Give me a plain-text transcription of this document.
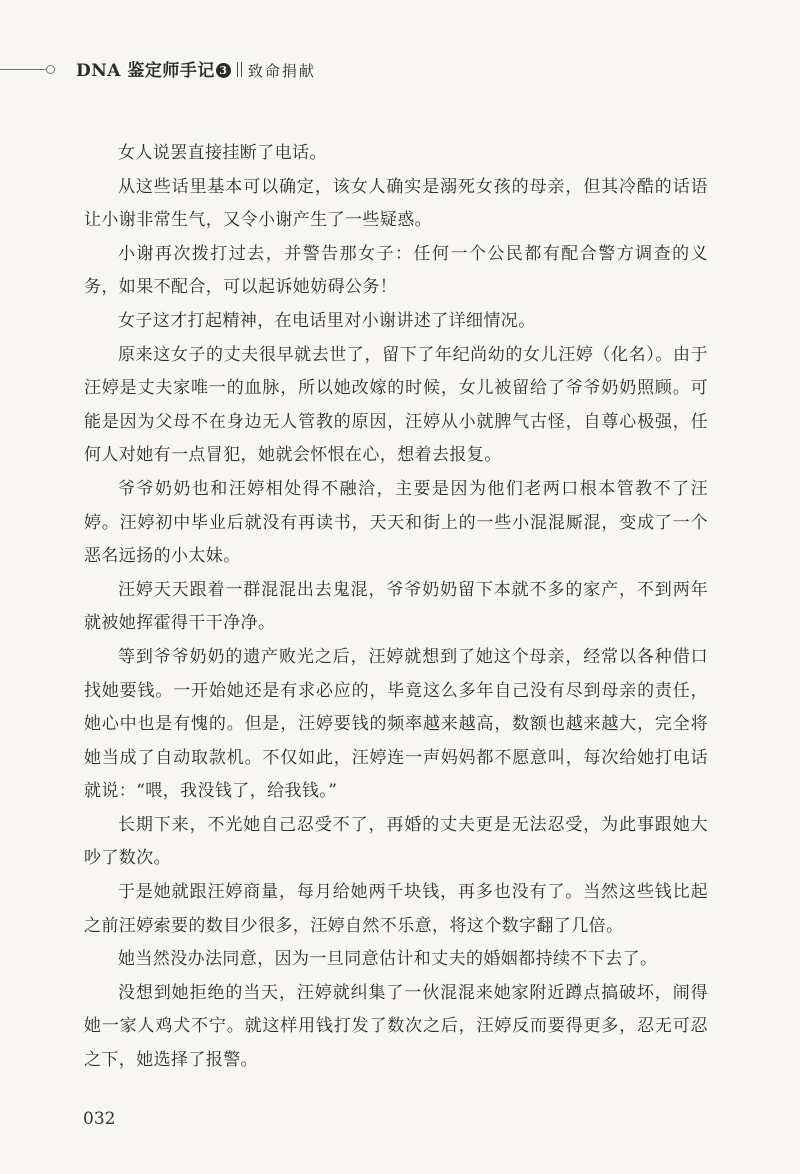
DNA 鉴定师手记 3 致命捐献

女人说罢直接挂断了电话。

从这些话里基本可以确定，该女人确实是溺死女孩的母亲，但其冷酷的话语让小谢非常生气，又令小谢产生了一些疑惑。

小谢再次拨打过去，并警告那女子：任何一个公民都有配合警方调查的义务，如果不配合，可以起诉她妨碍公务！

女子这才打起精神，在电话里对小谢讲述了详细情况。

原来这女子的丈夫很早就去世了，留下了年纪尚幼的女儿汪婷（化名）。由于汪婷是丈夫家唯一的血脉，所以她改嫁的时候，女儿被留给了爷爷奶奶照顾。可能是因为父母不在身边无人管教的原因，汪婷从小就脾气古怪，自尊心极强，任何人对她有一点冒犯，她就会怀恨在心，想着去报复。

爷爷奶奶也和汪婷相处得不融洽，主要是因为他们老两口根本管教不了汪婷。汪婷初中毕业后就没有再读书，天天和街上的一些小混混厮混，变成了一个恶名远扬的小太妹。

汪婷天天跟着一群混混出去鬼混，爷爷奶奶留下本就不多的家产，不到两年就被她挥霍得干干净净。

等到爷爷奶奶的遗产败光之后，汪婷就想到了她这个母亲，经常以各种借口找她要钱。一开始她还是有求必应的，毕竟这么多年自己没有尽到母亲的责任，她心中也是有愧的。但是，汪婷要钱的频率越来越高，数额也越来越大，完全将她当成了自动取款机。不仅如此，汪婷连一声妈妈都不愿意叫，每次给她打电话就说：“喂，我没钱了，给我钱。”

长期下来，不光她自己忍受不了，再婚的丈夫更是无法忍受，为此事跟她大吵了数次。

于是她就跟汪婷商量，每月给她两千块钱，再多也没有了。当然这些钱比起之前汪婷索要的数目少很多，汪婷自然不乐意，将这个数字翻了几倍。

她当然没办法同意，因为一旦同意估计和丈夫的婚姻都持续不下去了。

没想到她拒绝的当天，汪婷就纠集了一伙混混来她家附近蹲点搞破坏，闹得她一家人鸡犬不宁。就这样用钱打发了数次之后，汪婷反而要得更多，忍无可忍之下，她选择了报警。

032
